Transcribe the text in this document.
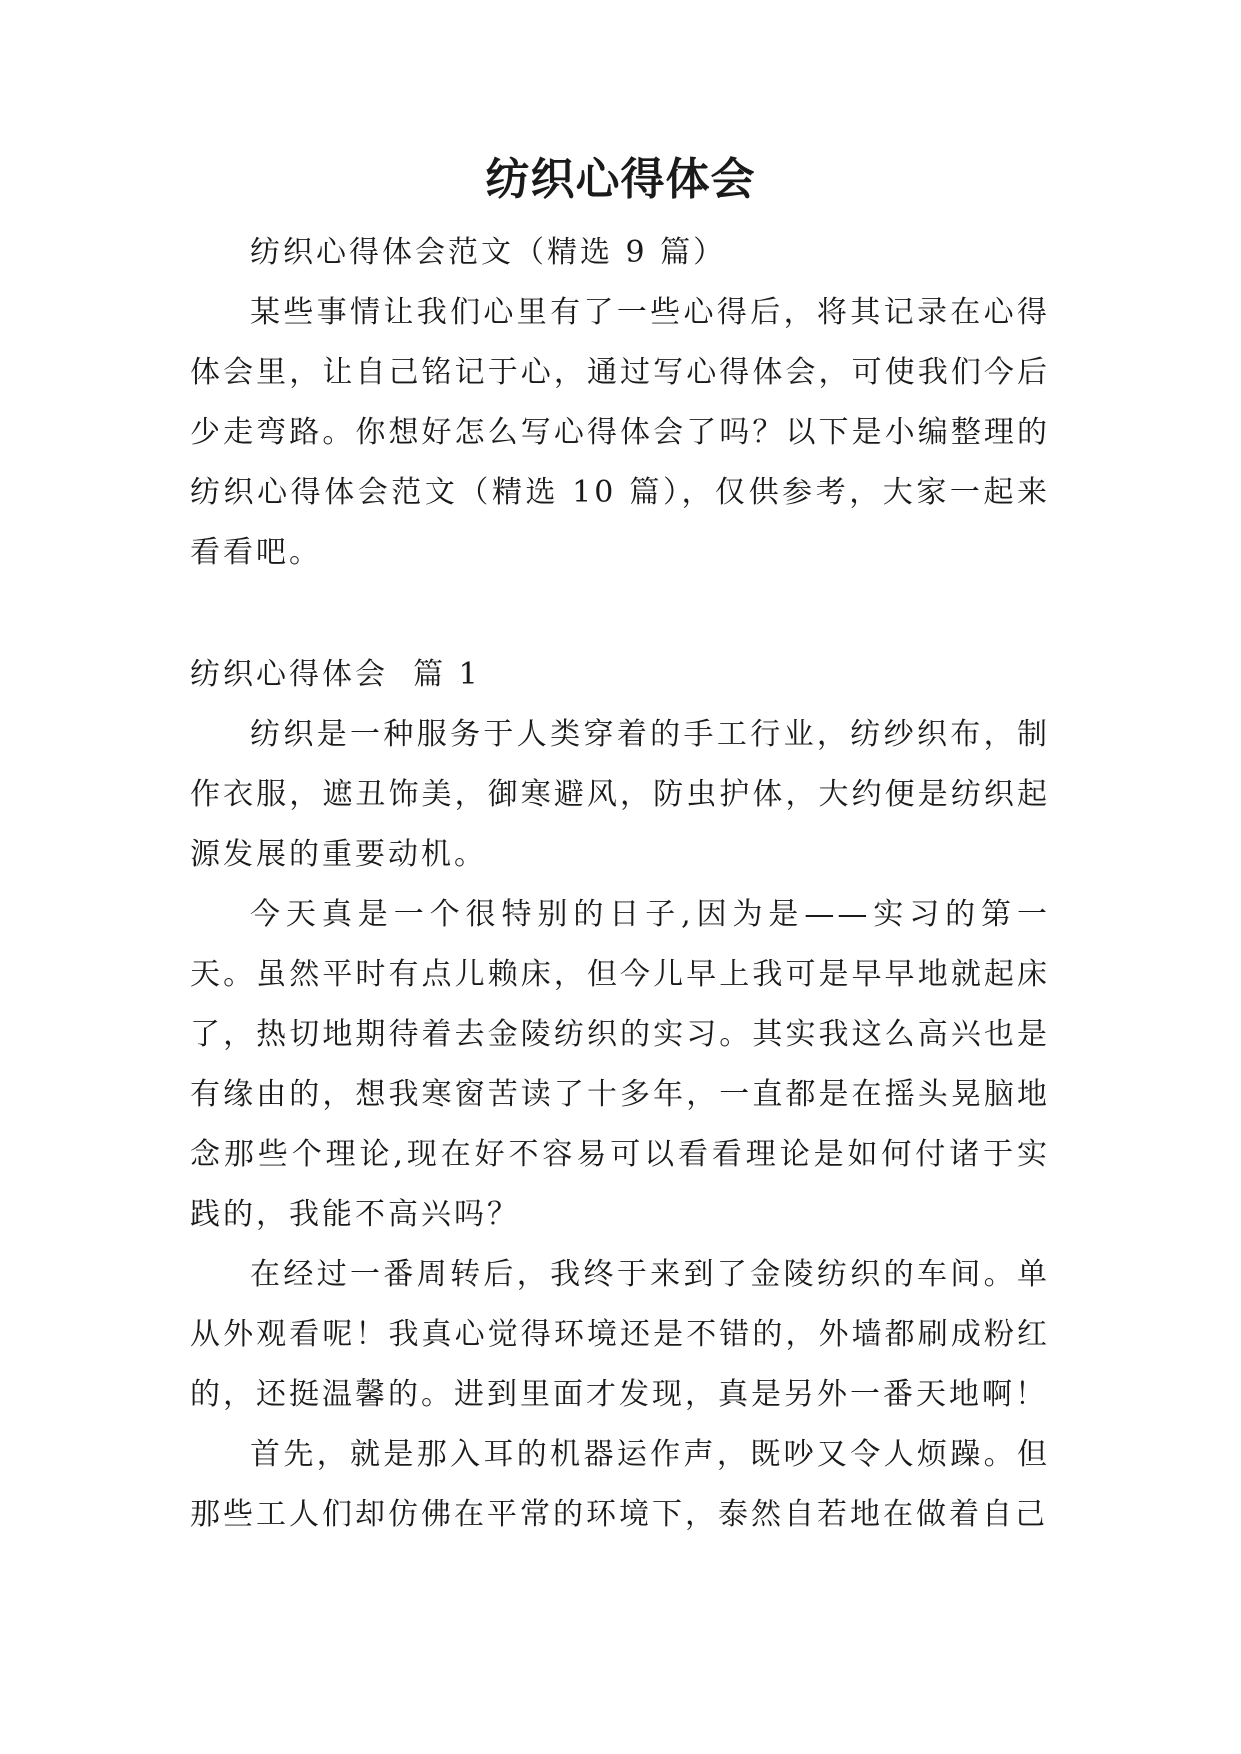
纺织心得体会

纺织心得体会范文（精选 9 篇）

某些事情让我们心里有了一些心得后，将其记录在心得体会里，让自己铭记于心，通过写心得体会，可使我们今后少走弯路。你想好怎么写心得体会了吗？以下是小编整理的纺织心得体会范文（精选 10 篇），仅供参考，大家一起来看看吧。

纺织心得体会  篇 1

纺织是一种服务于人类穿着的手工行业，纺纱织布，制作衣服，遮丑饰美，御寒避风，防虫护体，大约便是纺织起源发展的重要动机。

今天真是一个很特别的日子,因为是——实习的第一天。虽然平时有点儿赖床，但今儿早上我可是早早地就起床了，热切地期待着去金陵纺织的实习。其实我这么高兴也是有缘由的，想我寒窗苦读了十多年，一直都是在摇头晃脑地念那些个理论,现在好不容易可以看看理论是如何付诸于实践的，我能不高兴吗？

在经过一番周转后，我终于来到了金陵纺织的车间。单从外观看呢！我真心觉得环境还是不错的，外墙都刷成粉红的，还挺温馨的。进到里面才发现，真是另外一番天地啊！

首先，就是那入耳的机器运作声，既吵又令人烦躁。但那些工人们却仿佛在平常的环境下，泰然自若地在做着自己
